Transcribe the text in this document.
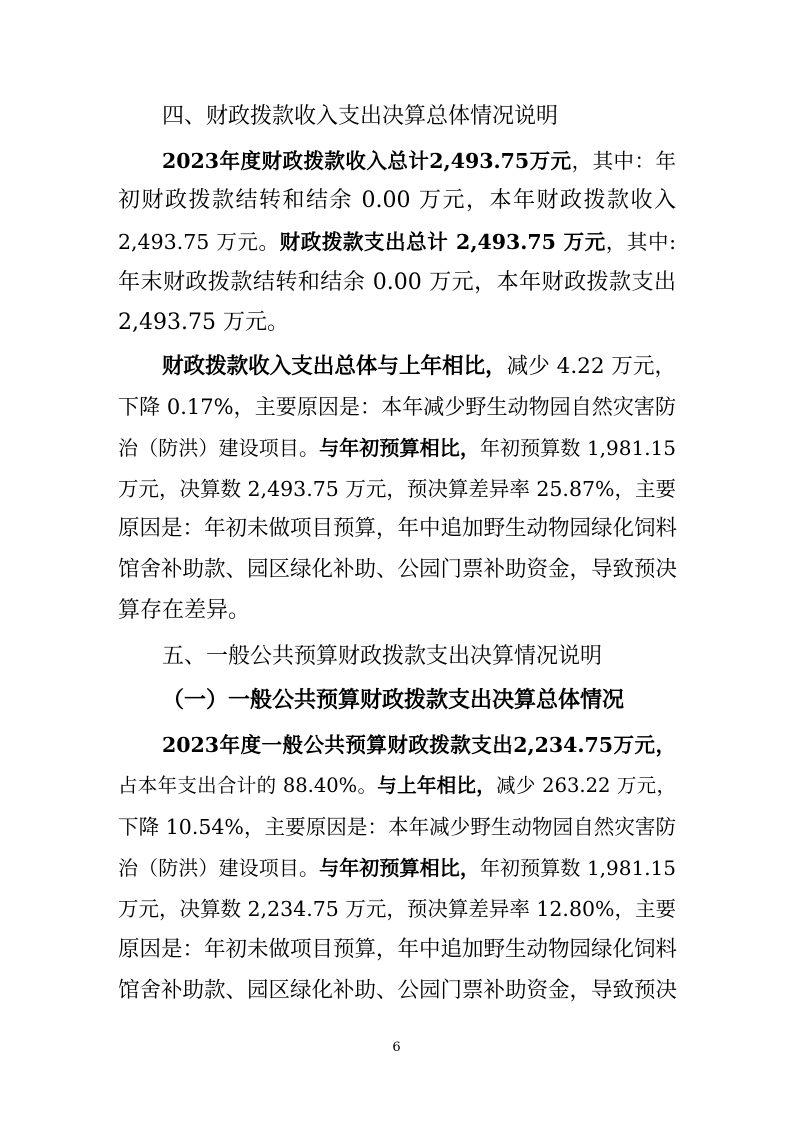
四、财政拨款收入支出决算总体情况说明
2023年度财政拨款收入总计2,493.75万元，其中：年
初财政拨款结转和结余 0.00 万元，本年财政拨款收入
2,493.75 万元。财政拨款支出总计 2,493.75 万元，其中:
年末财政拨款结转和结余 0.00 万元，本年财政拨款支出
2,493.75 万元。
财政拨款收入支出总体与上年相比，减少 4.22 万元，
下降 0.17%，主要原因是：本年减少野生动物园自然灾害防
治（防洪）建设项目。与年初预算相比，年初预算数 1,981.15
万元，决算数 2,493.75 万元，预决算差异率 25.87%，主要
原因是：年初未做项目预算，年中追加野生动物园绿化饲料
馆舍补助款、园区绿化补助、公园门票补助资金，导致预决
算存在差异。
五、一般公共预算财政拨款支出决算情况说明
（一）一般公共预算财政拨款支出决算总体情况
2023年度一般公共预算财政拨款支出2,234.75万元，
占本年支出合计的 88.40%。与上年相比，减少 263.22 万元，
下降 10.54%，主要原因是：本年减少野生动物园自然灾害防
治（防洪）建设项目。与年初预算相比，年初预算数 1,981.15
万元，决算数 2,234.75 万元，预决算差异率 12.80%，主要
原因是：年初未做项目预算，年中追加野生动物园绿化饲料
馆舍补助款、园区绿化补助、公园门票补助资金，导致预决
6
